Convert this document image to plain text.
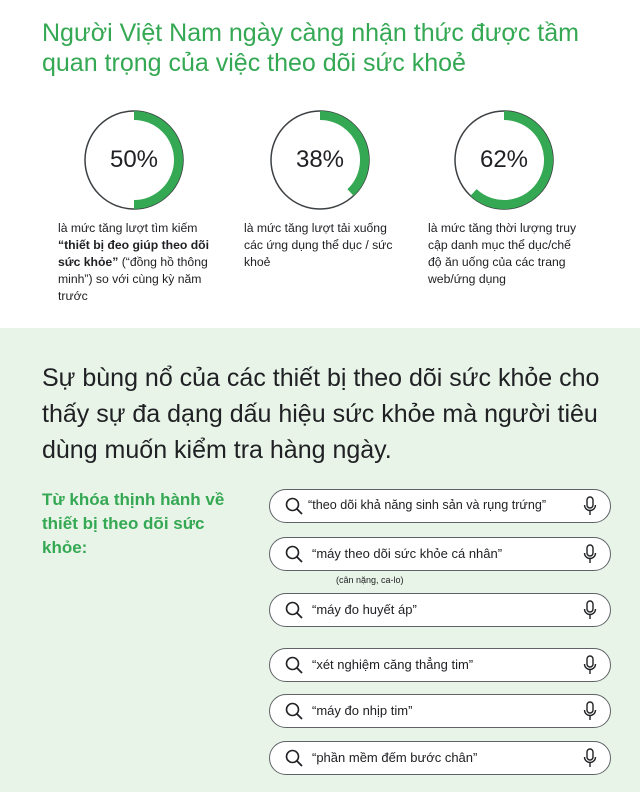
Người Việt Nam ngày càng nhận thức được tầm quan trọng của việc theo dõi sức khoẻ
50%

là mức tăng lượt tìm kiếm “thiết bị đeo giúp theo dõi sức khỏe” (“đồng hồ thông minh”) so với cùng kỳ năm trước

38%

là mức tăng lượt tải xuống các ứng dụng thể dục / sức khoẻ

62%

là mức tăng thời lượng truy cập danh mục thể dục/chế độ ăn uống của các trang web/ứng dụng

Sự bùng nổ của các thiết bị theo dõi sức khỏe cho thấy sự đa dạng dấu hiệu sức khỏe mà người tiêu dùng muốn kiểm tra hàng ngày.

Từ khóa thịnh hành về thiết bị theo dõi sức khỏe:

“theo dõi khả năng sinh sản và rụng trứng”
“máy theo dõi sức khỏe cá nhân”
(cân nặng, ca-lo)
“máy đo huyết áp”
“xét nghiệm căng thẳng tim”
“máy đo nhịp tim”
“phần mềm đếm bước chân”
